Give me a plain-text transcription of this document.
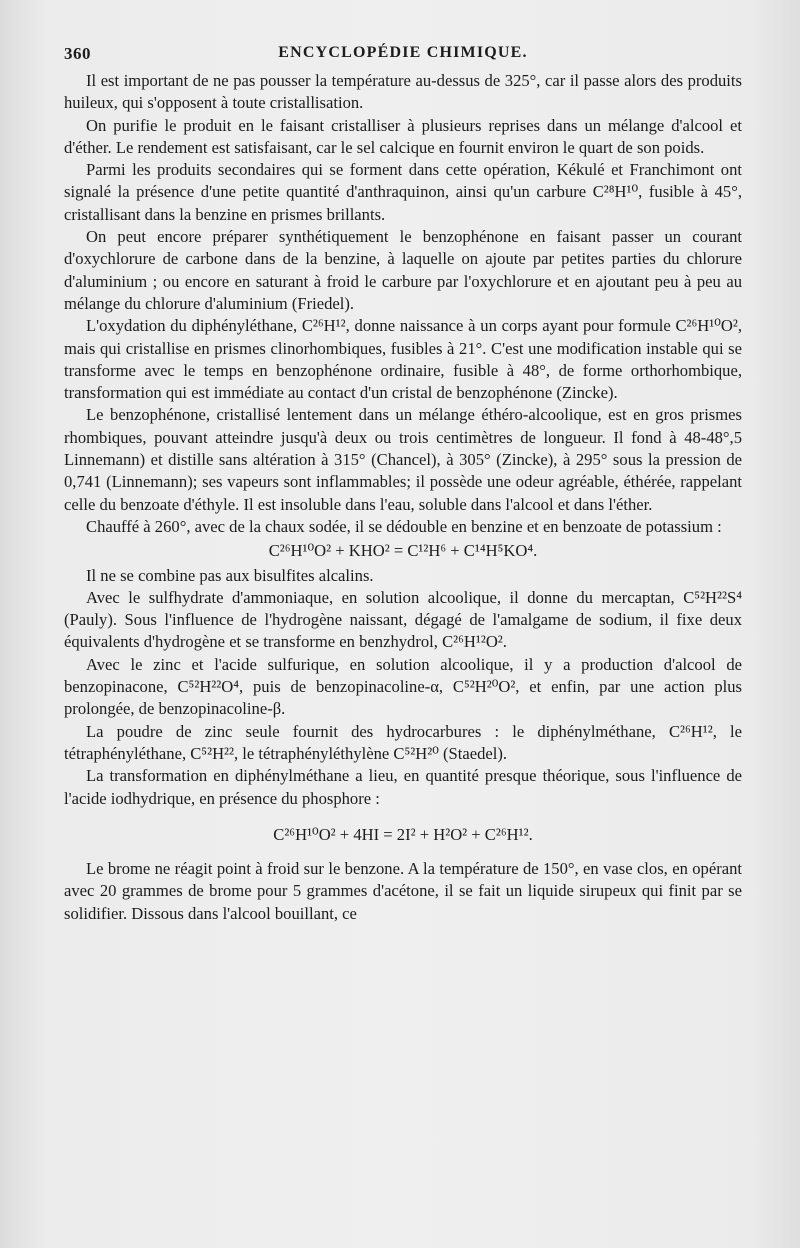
360	ENCYCLOPÉDIE CHIMIQUE.

Il est important de ne pas pousser la température au-dessus de 325°, car il passe alors des produits huileux, qui s'opposent à toute cristallisation.

On purifie le produit en le faisant cristalliser à plusieurs reprises dans un mélange d'alcool et d'éther. Le rendement est satisfaisant, car le sel calcique en fournit environ le quart de son poids.

Parmi les produits secondaires qui se forment dans cette opération, Kékulé et Franchimont ont signalé la présence d'une petite quantité d'anthraquinon, ainsi qu'un carbure C²⁸H¹⁰, fusible à 45°, cristallisant dans la benzine en prismes brillants.

On peut encore préparer synthétiquement le benzophénone en faisant passer un courant d'oxychlorure de carbone dans de la benzine, à laquelle on ajoute par petites parties du chlorure d'aluminium ; ou encore en saturant à froid le carbure par l'oxychlorure et en ajoutant peu à peu au mélange du chlorure d'aluminium (Friedel).

L'oxydation du diphényléthane, C²⁶H¹², donne naissance à un corps ayant pour formule C²⁶H¹⁰O², mais qui cristallise en prismes clinorhombiques, fusibles à 21°. C'est une modification instable qui se transforme avec le temps en benzophénone ordinaire, fusible à 48°, de forme orthorhombique, transformation qui est immédiate au contact d'un cristal de benzophénone (Zincke).

Le benzophénone, cristallisé lentement dans un mélange éthéro-alcoolique, est en gros prismes rhombiques, pouvant atteindre jusqu'à deux ou trois centimètres de longueur. Il fond à 48-48°,5 Linnemann) et distille sans altération à 315° (Chancel), à 305° (Zincke), à 295° sous la pression de 0,741 (Linnemann); ses vapeurs sont inflammables; il possède une odeur agréable, éthérée, rappelant celle du benzoate d'éthyle. Il est insoluble dans l'eau, soluble dans l'alcool et dans l'éther.

Chauffé à 260°, avec de la chaux sodée, il se dédouble en benzine et en benzoate de potassium :

C²⁶H¹⁰O² + KHO² = C¹²H⁶ + C¹⁴H⁵KO⁴.

Il ne se combine pas aux bisulfites alcalins.

Avec le sulfhydrate d'ammoniaque, en solution alcoolique, il donne du mercaptan, C⁵²H²²S⁴ (Pauly). Sous l'influence de l'hydrogène naissant, dégagé de l'amalgame de sodium, il fixe deux équivalents d'hydrogène et se transforme en benzhydrol, C²⁶H¹²O².

Avec le zinc et l'acide sulfurique, en solution alcoolique, il y a production d'alcool de benzopinacone, C⁵²H²²O⁴, puis de benzopinacoline-α, C⁵²H²⁰O², et enfin, par une action plus prolongée, de benzopinacoline-β.

La poudre de zinc seule fournit des hydrocarbures : le diphénylméthane, C²⁶H¹², le tétraphényléthane, C⁵²H²², le tétraphényléthylène C⁵²H²⁰ (Staedel).

La transformation en diphénylméthane a lieu, en quantité presque théorique, sous l'influence de l'acide iodhydrique, en présence du phosphore :

C²⁶H¹⁰O² + 4HI = 2I² + H²O² + C²⁶H¹².

Le brome ne réagit point à froid sur le benzone. A la température de 150°, en vase clos, en opérant avec 20 grammes de brome pour 5 grammes d'acétone, il se fait un liquide sirupeux qui finit par se solidifier. Dissous dans l'alcool bouillant, ce
